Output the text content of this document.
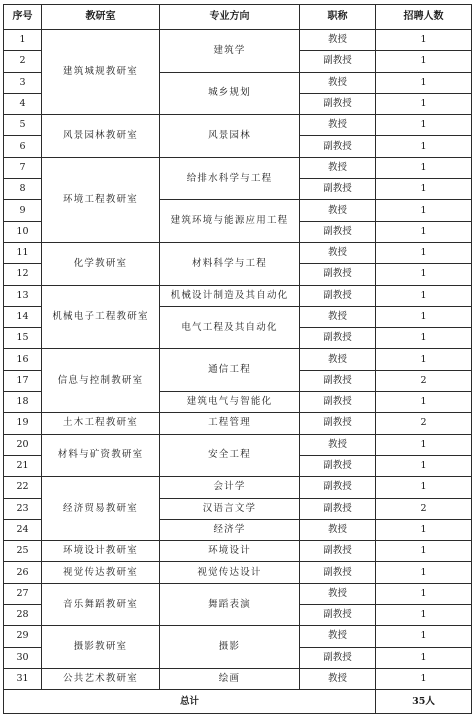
序号	教研室	专业方向	职称	招聘人数
1	建筑城规教研室	建筑学	教授	1
2			副教授	1
3		城乡规划	教授	1
4			副教授	1
5	风景园林教研室	风景园林	教授	1
6			副教授	1
7	环境工程教研室	给排水科学与工程	教授	1
8			副教授	1
9		建筑环境与能源应用工程	教授	1
10			副教授	1
11	化学教研室	材料科学与工程	教授	1
12			副教授	1
13	机械电子工程教研室	机械设计制造及其自动化	副教授	1
14		电气工程及其自动化	教授	1
15			副教授	1
16	信息与控制教研室	通信工程	教授	1
17			副教授	2
18		建筑电气与智能化	副教授	1
19	土木工程教研室	工程管理	副教授	2
20	材料与矿资教研室	安全工程	教授	1
21			副教授	1
22	经济贸易教研室	会计学	副教授	1
23		汉语言文学	副教授	2
24		经济学	教授	1
25	环境设计教研室	环境设计	副教授	1
26	视觉传达教研室	视觉传达设计	副教授	1
27	音乐舞蹈教研室	舞蹈表演	教授	1
28			副教授	1
29	摄影教研室	摄影	教授	1
30			副教授	1
31	公共艺术教研室	绘画	教授	1
总计				35人
